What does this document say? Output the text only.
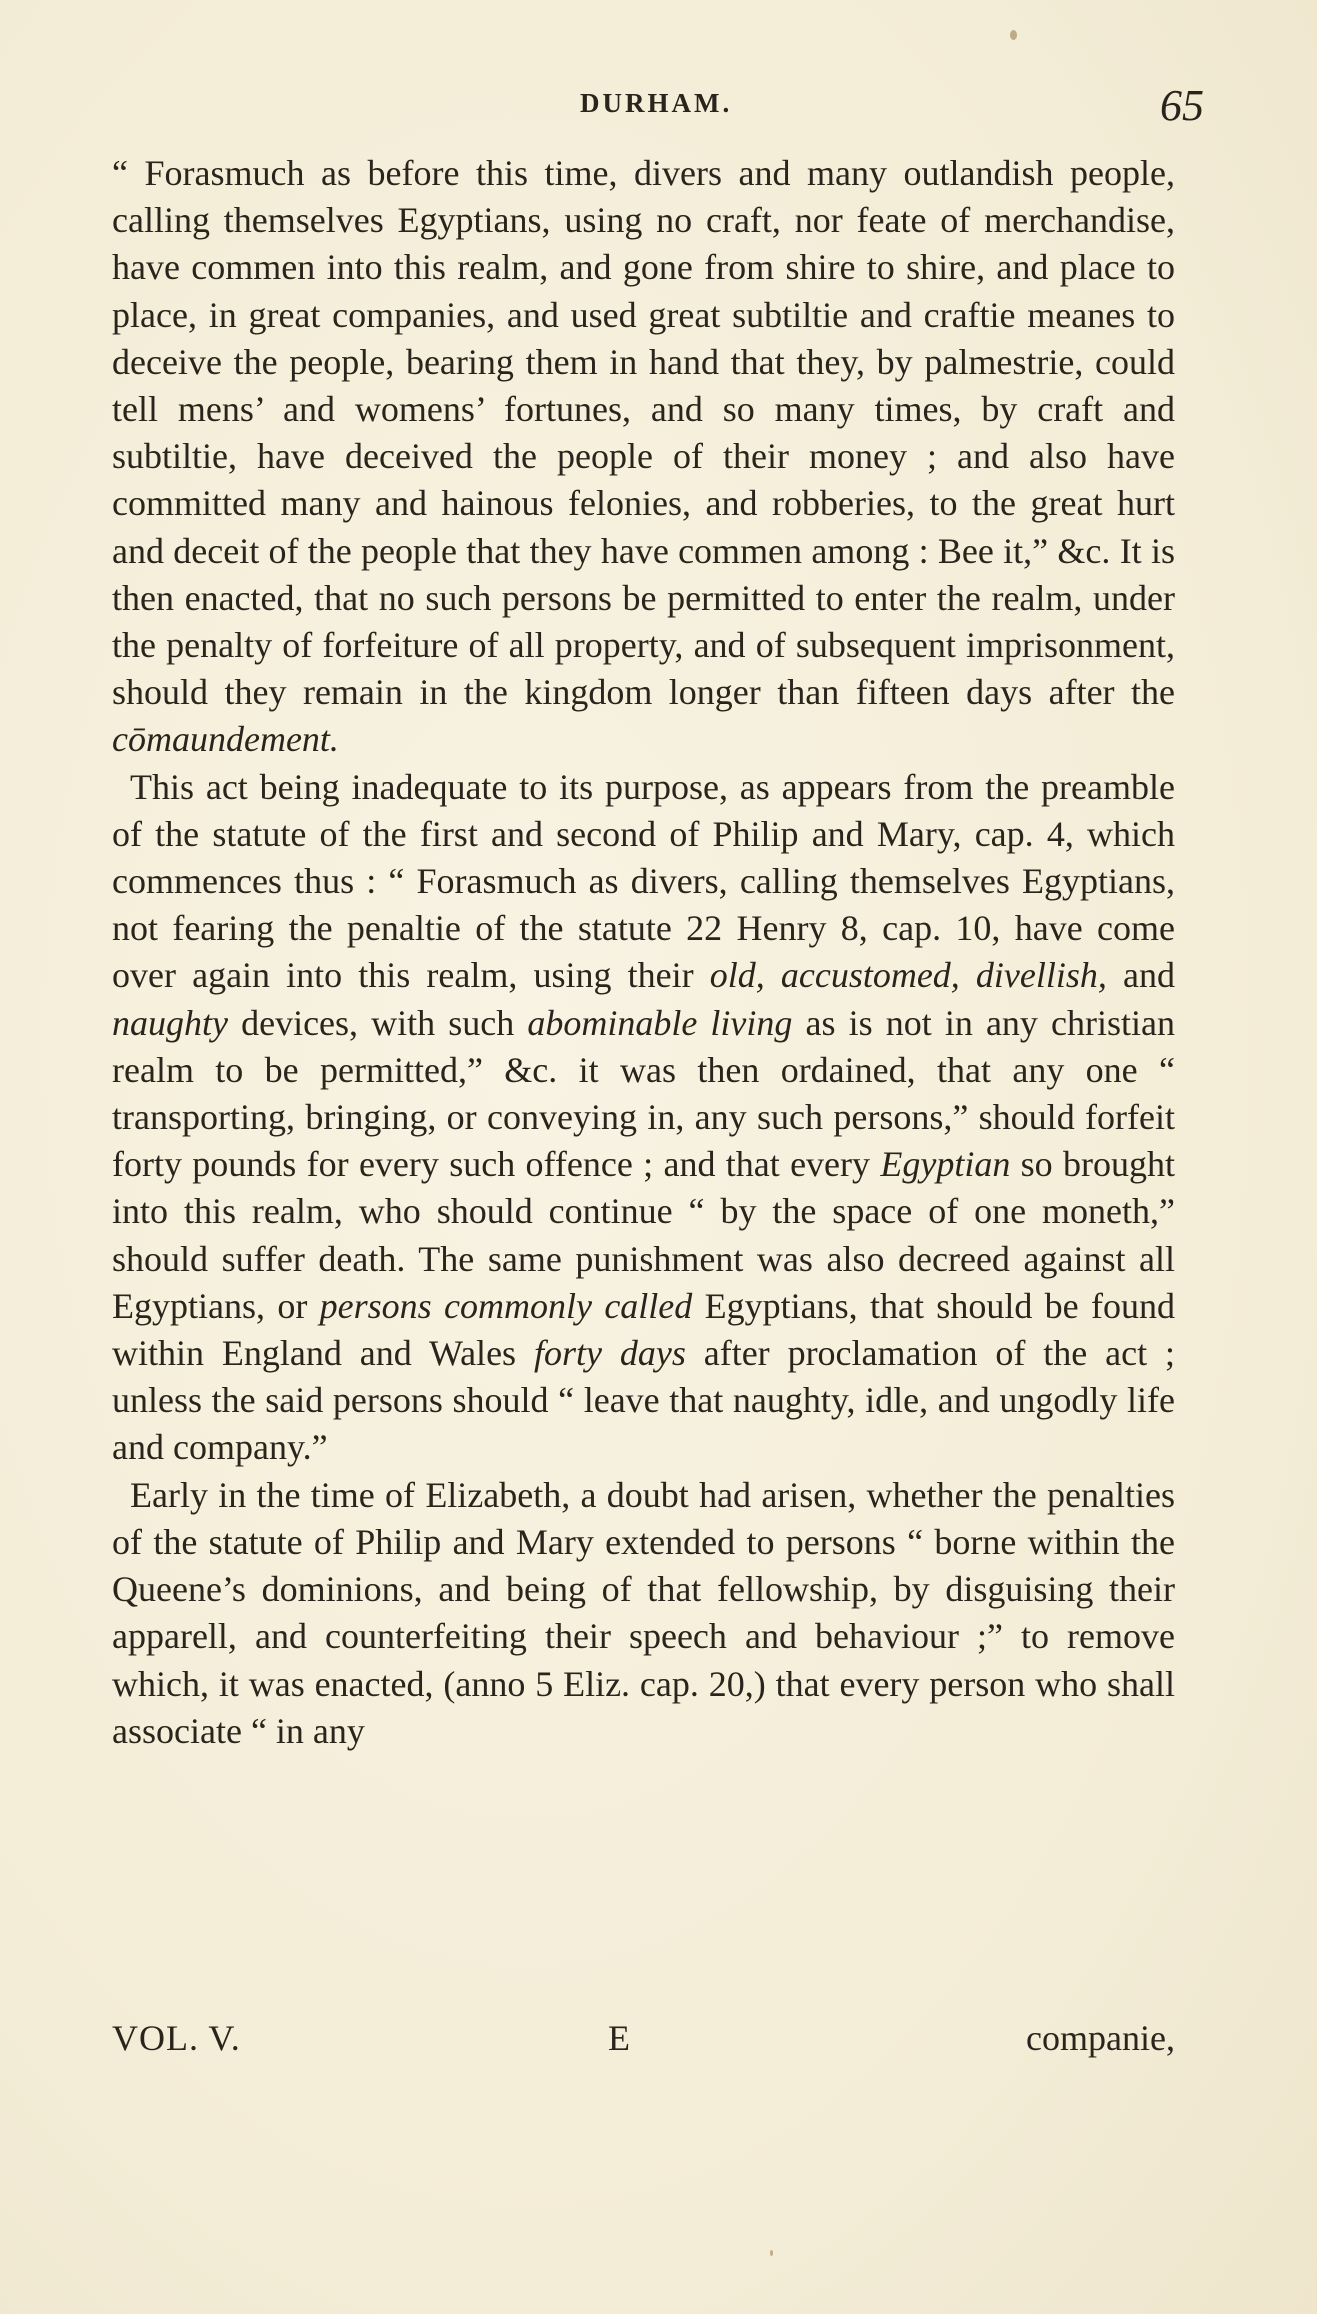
DURHAM.	65

“ Forasmuch as before this time, divers and many outlandish people, calling themselves Egyptians, using no craft, nor feate of merchandise, have commen into this realm, and gone from shire to shire, and place to place, in great companies, and used great subtiltie and craftie meanes to deceive the people, bearing them in hand that they, by palmestrie, could tell mens’ and womens’ fortunes, and so many times, by craft and subtiltie, have deceived the people of their money ; and also have committed many and hainous felonies, and robberies, to the great hurt and deceit of the people that they have commen among : Bee it,” &c. It is then enacted, that no such persons be permitted to enter the realm, under the penalty of forfeiture of all property, and of subsequent imprisonment, should they remain in the kingdom longer than fifteen days after the cōmaundement.

This act being inadequate to its purpose, as appears from the preamble of the statute of the first and second of Philip and Mary, cap. 4, which commences thus : “ Forasmuch as divers, calling themselves Egyptians, not fearing the penaltie of the statute 22 Henry 8, cap. 10, have come over again into this realm, using their old, accustomed, divellish, and naughty devices, with such abominable living as is not in any christian realm to be permitted,” &c. it was then ordained, that any one “ transporting, bringing, or conveying in, any such persons,” should forfeit forty pounds for every such offence ; and that every Egyptian so brought into this realm, who should continue “ by the space of one moneth,” should suffer death. The same punishment was also decreed against all Egyptians, or persons commonly called Egyptians, that should be found within England and Wales forty days after proclamation of the act ; unless the said persons should “ leave that naughty, idle, and ungodly life and company.”

Early in the time of Elizabeth, a doubt had arisen, whether the penalties of the statute of Philip and Mary extended to persons “ borne within the Queene’s dominions, and being of that fellowship, by disguising their apparell, and counterfeiting their speech and behaviour ;” to remove which, it was enacted, (anno 5 Eliz. cap. 20,) that every person who shall associate “ in any

VOL. V.	E	companie,
